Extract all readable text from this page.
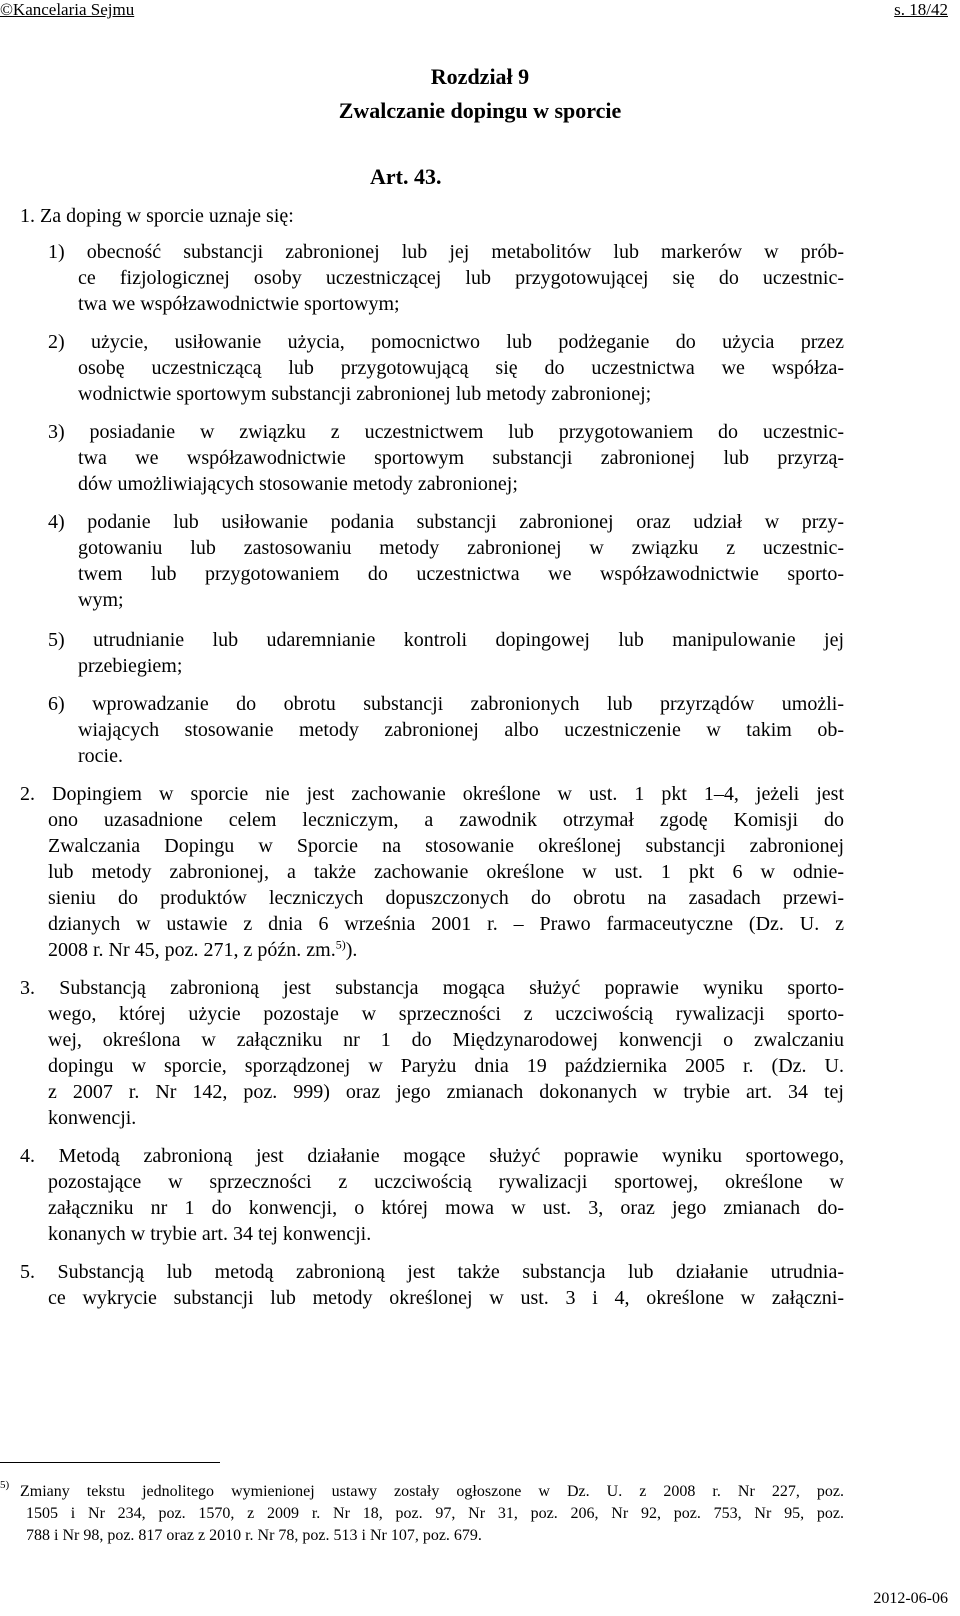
©Kancelaria Sejmu	s. 18/42
Rozdział 9
Zwalczanie dopingu w sporcie
Art. 43.
1. Za doping w sporcie uznaje się:
1) obecność substancji zabronionej lub jej metabolitów lub markerów w prób-
ce fizjologicznej osoby uczestniczącej lub przygotowującej się do uczestnic-
twa we współzawodnictwie sportowym;
2) użycie, usiłowanie użycia, pomocnictwo lub podżeganie do użycia przez
osobę uczestniczącą lub przygotowującą się do uczestnictwa we współza-
wodnictwie sportowym substancji zabronionej lub metody zabronionej;
3) posiadanie w związku z uczestnictwem lub przygotowaniem do uczestnic-
twa we współzawodnictwie sportowym substancji zabronionej lub przyrzą-
dów umożliwiających stosowanie metody zabronionej;
4) podanie lub usiłowanie podania substancji zabronionej oraz udział w przy-
gotowaniu lub zastosowaniu metody zabronionej w związku z uczestnic-
twem lub przygotowaniem do uczestnictwa we współzawodnictwie sporto-
wym;
5) utrudnianie lub udaremnianie kontroli dopingowej lub manipulowanie jej
przebiegiem;
6) wprowadzanie do obrotu substancji zabronionych lub przyrządów umożli-
wiających stosowanie metody zabronionej albo uczestniczenie w takim ob-
rocie.
2. Dopingiem w sporcie nie jest zachowanie określone w ust. 1 pkt 1–4, jeżeli jest
ono uzasadnione celem leczniczym, a zawodnik otrzymał zgodę Komisji do
Zwalczania Dopingu w Sporcie na stosowanie określonej substancji zabronionej
lub metody zabronionej, a także zachowanie określone w ust. 1 pkt 6 w odnie-
sieniu do produktów leczniczych dopuszczonych do obrotu na zasadach przewi-
dzianych w ustawie z dnia 6 września 2001 r. – Prawo farmaceutyczne (Dz. U. z
2008 r. Nr 45, poz. 271, z późn. zm.$^{5)}$).
3. Substancją zabronioną jest substancja mogąca służyć poprawie wyniku sporto-
wego, której użycie pozostaje w sprzeczności z uczciwością rywalizacji sporto-
wej, określona w załączniku nr 1 do Międzynarodowej konwencji o zwalczaniu
dopingu w sporcie, sporządzonej w Paryżu dnia 19 października 2005 r. (Dz. U.
z 2007 r. Nr 142, poz. 999) oraz jego zmianach dokonanych w trybie art. 34 tej
konwencji.
4. Metodą zabronioną jest działanie mogące służyć poprawie wyniku sportowego,
pozostające w sprzeczności z uczciwością rywalizacji sportowej, określone w
załączniku nr 1 do konwencji, o której mowa w ust. 3, oraz jego zmianach do-
konanych w trybie art. 34 tej konwencji.
5. Substancją lub metodą zabronioną jest także substancja lub działanie utrudnia-
ce wykrycie substancji lub metody określonej w ust. 3 i 4, określone w załączni-
5) Zmiany tekstu jednolitego wymienionej ustawy zostały ogłoszone w Dz. U. z 2008 r. Nr 227, poz.
1505 i Nr 234, poz. 1570, z 2009 r. Nr 18, poz. 97, Nr 31, poz. 206, Nr 92, poz. 753, Nr 95, poz.
788 i Nr 98, poz. 817 oraz z 2010 r. Nr 78, poz. 513 i Nr 107, poz. 679.
2012-06-06
